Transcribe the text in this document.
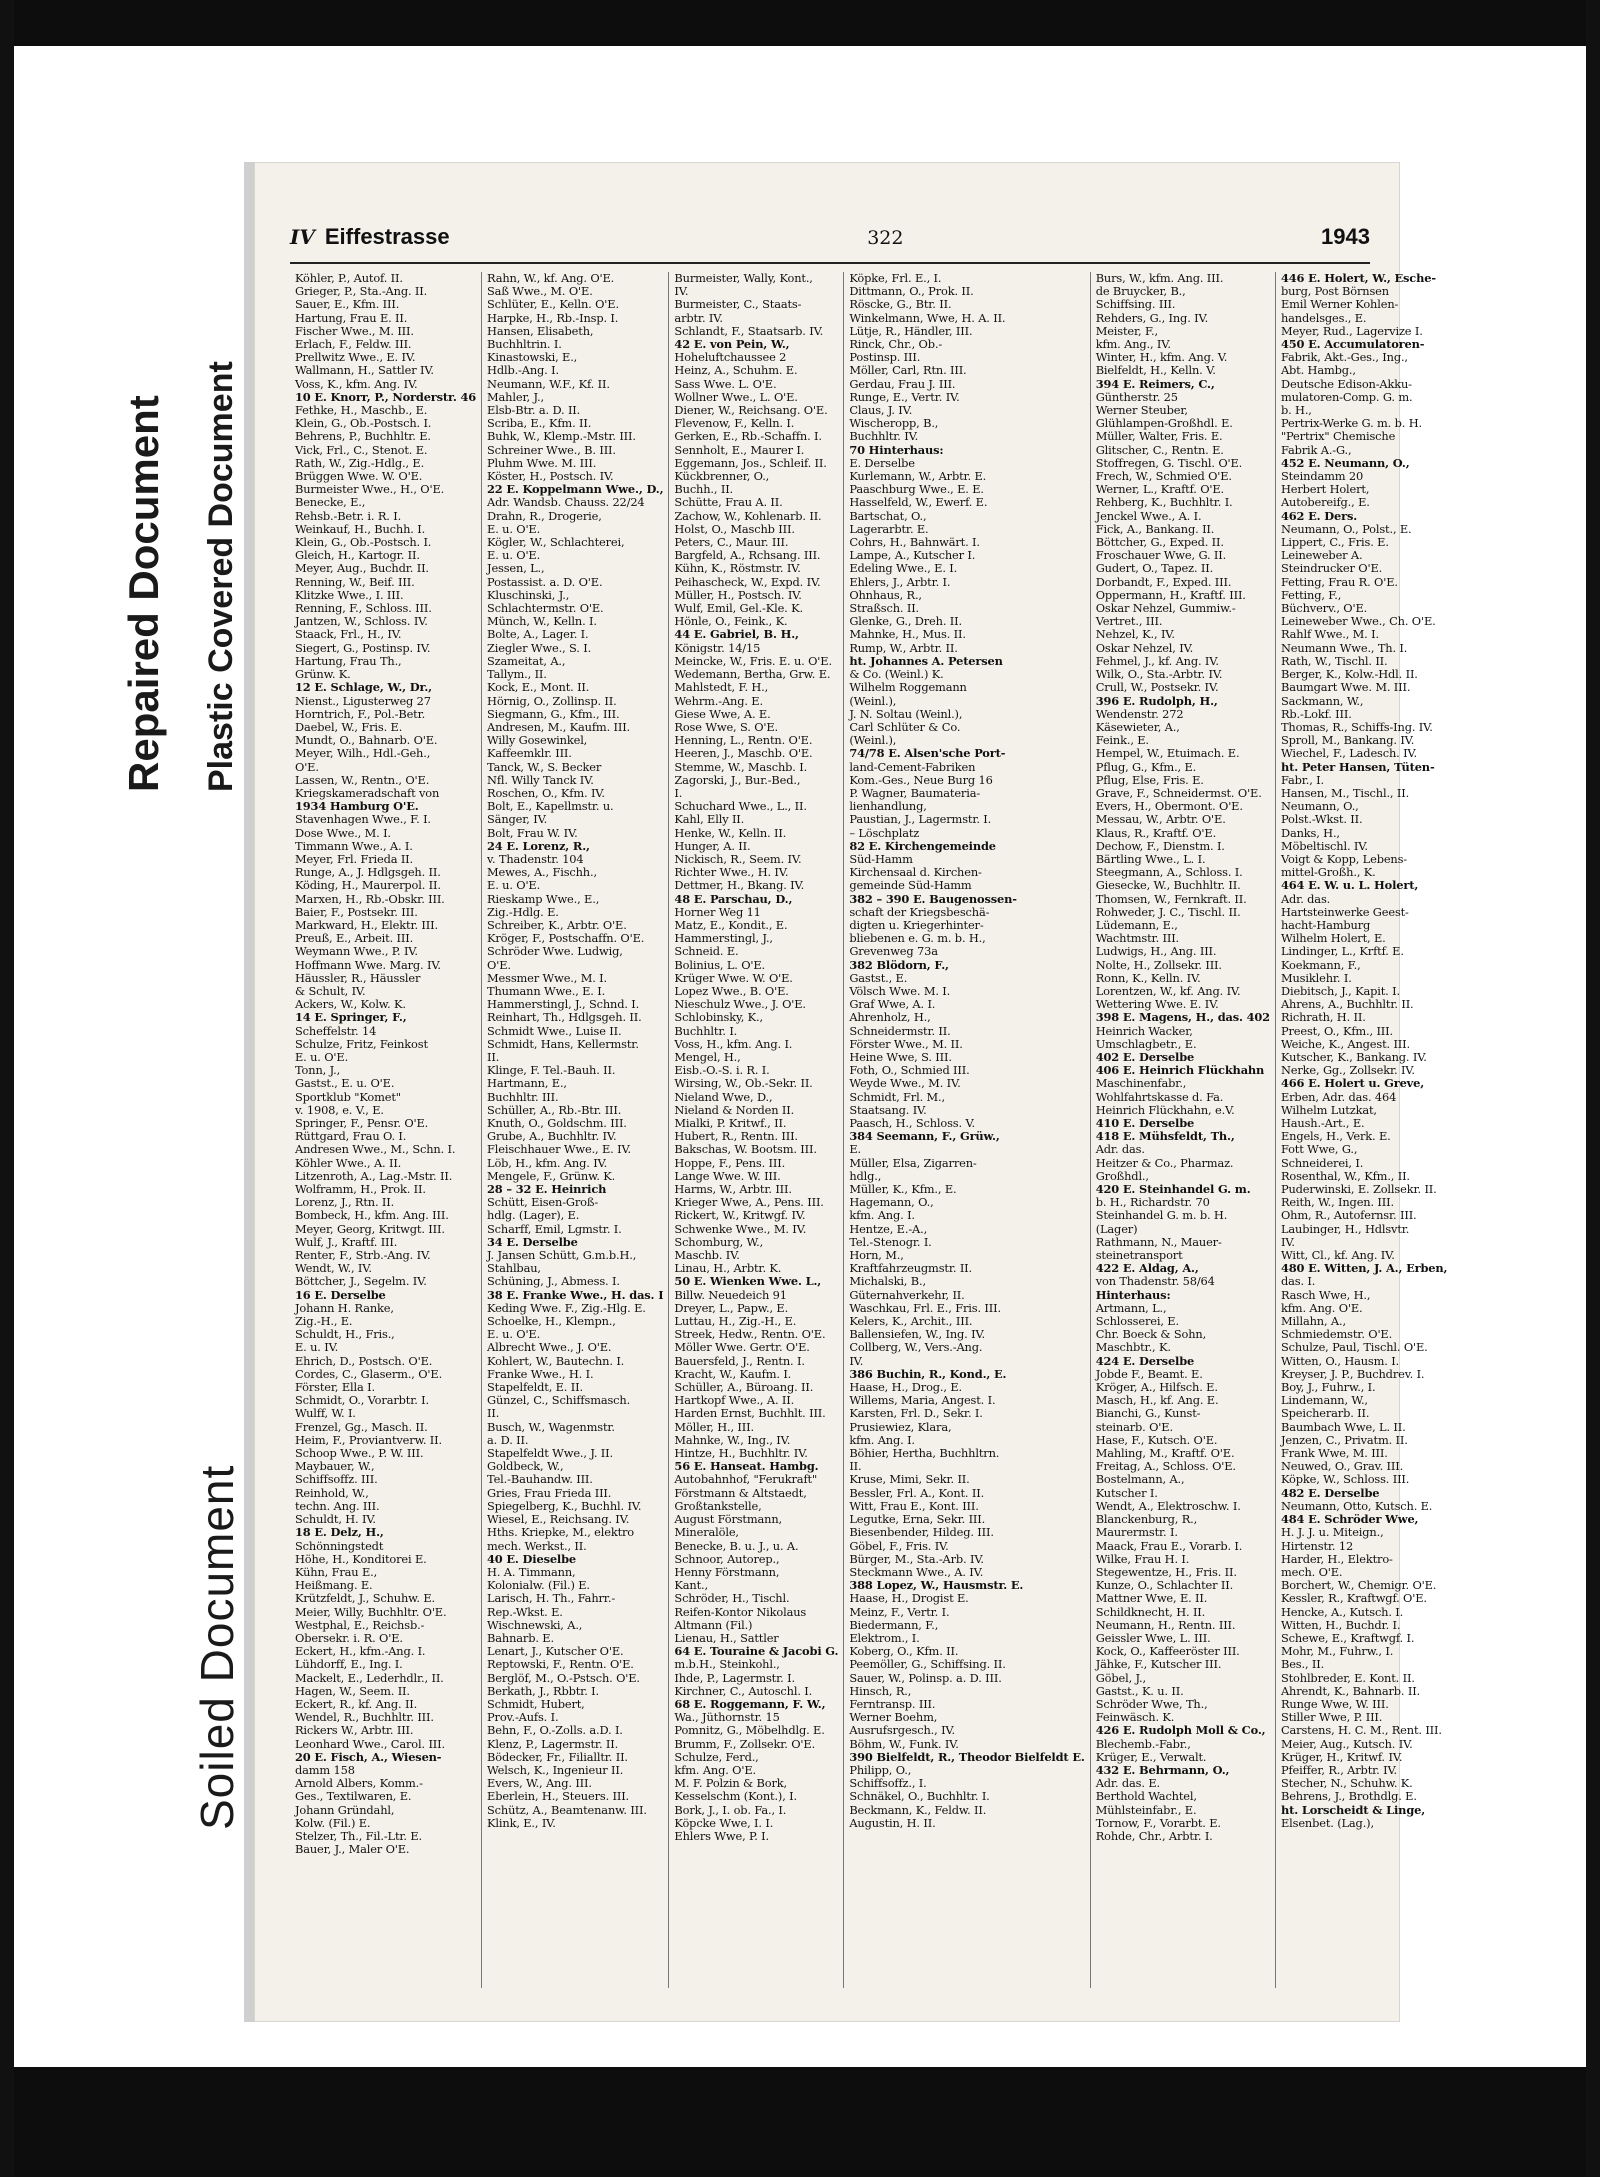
Repaired Document Plastic Covered Document
Soiled Document
IV Eiffestrasse	322	1943
Köhler, P., Autof. II.
Grieger, P., Sta.-Ang. II.
Sauer, E., Kfm. III.
Hartung, Frau E. II.
Fischer Wwe., M. III.
Erlach, F., Feldw. III.
Prellwitz Wwe., E. IV.
Wallmann, H., Sattler IV.
Voss, K., kfm. Ang. IV.
10 E. Knorr, P., Norderstr. 46
Fethke, H., Maschb., E.
Klein, G., Ob.-Postsch. I.
Behrens, P., Buchhltr. E.
Vick, Frl., C., Stenot. E.
Rath, W., Zig.-Hdlg., E.
Brüggen Wwe. W. O'E.
Burmeister Wwe., H., O'E.
Benecke, E.,
Rehsb.-Betr. i. R. I.
Weinkauf, H., Buchh. I.
Klein, G., Ob.-Postsch. I.
Gleich, H., Kartogr. II.
Meyer, Aug., Buchdr. II.
Renning, W., Beif. III.
Klitzke Wwe., I. III.
Renning, F., Schloss. III.
Jantzen, W., Schloss. IV.
Staack, Frl., H., IV.
Siegert, G., Postinsp. IV.
Hartung, Frau Th.,
Grünw. K.
12 E. Schlage, W., Dr.,
Nienst., Ligusterweg 27
Horntrich, F., Pol.-Betr.
Daebel, W., Fris. E.
Mundt, O., Bahnarb. O'E.
Meyer, Wilh., Hdl.-Geh.,
O'E.
Lassen, W., Rentn., O'E.
Kriegskameradschaft von
1934 Hamburg O'E.
Stavenhagen Wwe., F. I.
Dose Wwe., M. I.
Timmann Wwe., A. I.
Meyer, Frl. Frieda II.
Runge, A., J. Hdlgsgeh. II.
Köding, H., Maurerpol. II.
Marxen, H., Rb.-Obskr. III.
Baier, F., Postsekr. III.
Markward, H., Elektr. III.
Preuß, E., Arbeit. III.
Weymann Wwe., P. IV.
Hoffmann Wwe. Marg. IV.
Häussler, R., Häussler
& Schult, IV.
Ackers, W., Kolw. K.
14 E. Springer, F.,
Scheffelstr. 14
Schulze, Fritz, Feinkost
E. u. O'E.
Tonn, J.,
Gastst., E. u. O'E.
Sportklub "Komet"
v. 1908, e. V., E.
Springer, F., Pensr. O'E.
Rüttgard, Frau O. I.
Andresen Wwe., M., Schn. I.
Köhler Wwe., A. II.
Litzenroth, A., Lag.-Mstr. II.
Wolframm, H., Prok. II.
Lorenz, J., Rtn. II.
Bombeck, H., kfm. Ang. III.
Meyer, Georg, Kritwgt. III.
Wulf, J., Kraftf. III.
Renter, F., Strb.-Ang. IV.
Wendt, W., IV.
Böttcher, J., Segelm. IV.
16 E. Derselbe
Johann H. Ranke,
Zig.-H., E.
Schuldt, H., Fris.,
E. u. IV.
Ehrich, D., Postsch. O'E.
Cordes, C., Glaserm., O'E.
Förster, Ella I.
Schmidt, O., Vorarbtr. I.
Wulff, W. I.
Frenzel, Gg., Masch. II.
Heim, F., Proviantverw. II.
Schoop Wwe., P. W. III.
Maybauer, W.,
Schiffsoffz. III.
Reinhold, W.,
techn. Ang. III.
Schuldt, H. IV.
18 E. Delz, H.,
Schönningstedt
Höhe, H., Konditorei E.
Kühn, Frau E.,
Heißmang. E.
Krützfeldt, J., Schuhw. E.
Meier, Willy, Buchhltr. O'E.
Westphal, E., Reichsb.-
Obersekr. i. R. O'E.
Eckert, H., kfm.-Ang. I.
Lühdorff, E., Ing. I.
Mackelt, E., Lederhdlr., II.
Hagen, W., Seem. II.
Eckert, R., kf. Ang. II.
Wendel, R., Buchhltr. III.
Rickers W., Arbtr. III.
Leonhard Wwe., Carol. III.
20 E. Fisch, A., Wiesen-
damm 158
Arnold Albers, Komm.-
Ges., Textilwaren, E.
Johann Gründahl,
Kolw. (Fil.) E.
Stelzer, Th., Fil.-Ltr. E.
Bauer, J., Maler O'E.
Rahn, W., kf. Ang. O'E.
Saß Wwe., M. O'E.
Schlüter, E., Kelln. O'E.
Harpke, H., Rb.-Insp. I.
Hansen, Elisabeth,
Buchhltrin. I.
Kinastowski, E.,
Hdlb.-Ang. I.
Neumann, W.F., Kf. II.
Mahler, J.,
Elsb-Btr. a. D. II.
Scriba, E., Kfm. II.
Buhk, W., Klemp.-Mstr. III.
Schreiner Wwe., B. III.
Pluhm Wwe. M. III.
Köster, H., Postsch. IV.
22 E. Koppelmann Wwe., D.,
Adr. Wandsb. Chauss. 22/24
Drahn, R., Drogerie,
E. u. O'E.
Kögler, W., Schlachterei,
E. u. O'E.
Jessen, L.,
Postassist. a. D. O'E.
Kluschinski, J.,
Schlachtermstr. O'E.
Münch, W., Kelln. I.
Bolte, A., Lager. I.
Ziegler Wwe., S. I.
Szameitat, A.,
Tallym., II.
Kock, E., Mont. II.
Hörnig, O., Zollinsp. II.
Siegmann, G., Kfm., III.
Andresen, M., Kaufm. III.
Willy Gosewinkel,
Kaffeemklr. III.
Tanck, W., S. Becker
Nfl. Willy Tanck IV.
Roschen, O., Kfm. IV.
Bolt, E., Kapellmstr. u.
Sänger, IV.
Bolt, Frau W. IV.
24 E. Lorenz, R.,
v. Thadenstr. 104
Mewes, A., Fischh.,
E. u. O'E.
Rieskamp Wwe., E.,
Zig.-Hdlg. E.
Schreiber, K., Arbtr. O'E.
Kröger, F., Postschaffn. O'E.
Schröder Wwe. Ludwig,
O'E.
Messmer Wwe., M. I.
Thumann Wwe., E. I.
Hammerstingl, J., Schnd. I.
Reinhart, Th., Hdlgsgeh. II.
Schmidt Wwe., Luise II.
Schmidt, Hans, Kellermstr.
II.
Klinge, F. Tel.-Bauh. II.
Hartmann, E.,
Buchhltr. III.
Schüller, A., Rb.-Btr. III.
Knuth, O., Goldschm. III.
Grube, A., Buchhltr. IV.
Fleischhauer Wwe., E. IV.
Löb, H., kfm. Ang. IV.
Mengele, F., Grünw. K.
28 – 32 E. Heinrich
Schütt, Eisen-Groß-
hdlg. (Lager), E.
Scharff, Emil, Lgmstr. I.
34 E. Derselbe
J. Jansen Schütt, G.m.b.H.,
Stahlbau,
Schüning, J., Abmess. I.
38 E. Franke Wwe., H. das. I
Keding Wwe. F., Zig.-Hlg. E.
Schoelke, H., Klempn.,
E. u. O'E.
Albrecht Wwe., J. O'E.
Kohlert, W., Bautechn. I.
Franke Wwe., H. I.
Stapelfeldt, E. II.
Günzel, C., Schiffsmasch.
II.
Busch, W., Wagenmstr.
a. D. II.
Stapelfeldt Wwe., J. II.
Goldbeck, W.,
Tel.-Bauhandw. III.
Gries, Frau Frieda III.
Spiegelberg, K., Buchhl. IV.
Wiesel, E., Reichsang. IV.
Hths. Kriepke, M., elektro
mech. Werkst., II.
40 E. Dieselbe
H. A. Timmann,
Kolonialw. (Fil.) E.
Larisch, H. Th., Fahrr.-
Rep.-Wkst. E.
Wischnewski, A.,
Bahnarb. E.
Lenart, J., Kutscher O'E.
Reptowski, F., Rentn. O'E.
Berglöf, M., O.-Pstsch. O'E.
Berkath, J., Rbbtr. I.
Schmidt, Hubert,
Prov.-Aufs. I.
Behn, F., O.-Zolls. a.D. I.
Klenz, P., Lagermstr. II.
Bödecker, Fr., Filialltr. II.
Welsch, K., Ingenieur II.
Evers, W., Ang. III.
Eberlein, H., Steuers. III.
Schütz, A., Beamtenanw. III.
Klink, E., IV.
Burmeister, Wally, Kont.,
IV.
Burmeister, C., Staats-
arbtr. IV.
Schlandt, F., Staatsarb. IV.
42 E. von Pein, W.,
Hoheluftchaussee 2
Heinz, A., Schuhm. E.
Sass Wwe. L. O'E.
Wollner Wwe., L. O'E.
Diener, W., Reichsang. O'E.
Flevenow, F., Kelln. I.
Gerken, E., Rb.-Schaffn. I.
Sennholt, E., Maurer I.
Eggemann, Jos., Schleif. II.
Kückbrenner, O.,
Buchh., II.
Schütte, Frau A. II.
Zachow, W., Kohlenarb. II.
Holst, O., Maschb III.
Peters, C., Maur. III.
Bargfeld, A., Rchsang. III.
Kühn, K., Röstmstr. IV.
Peihascheck, W., Expd. IV.
Müller, H., Postsch. IV.
Wulf, Emil, Gel.-Kle. K.
Hönle, O., Feink., K.
44 E. Gabriel, B. H.,
Königstr. 14/15
Meincke, W., Fris. E. u. O'E.
Wedemann, Bertha, Grw. E.
Mahlstedt, F. H.,
Wehrm.-Ang. E.
Giese Wwe, A. E.
Rose Wwe, S. O'E.
Henning, L., Rentn. O'E.
Heeren, J., Maschb. O'E.
Stemme, W., Maschb. I.
Zagorski, J., Bur.-Bed.,
I.
Schuchard Wwe., L., II.
Kahl, Elly II.
Henke, W., Kelln. II.
Hunger, A. II.
Nickisch, R., Seem. IV.
Richter Wwe., H. IV.
Dettmer, H., Bkang. IV.
48 E. Parschau, D.,
Horner Weg 11
Matz, E., Kondit., E.
Hammerstingl, J.,
Schneid. E.
Bolinius, L. O'E.
Krüger Wwe. W. O'E.
Lopez Wwe., B. O'E.
Nieschulz Wwe., J. O'E.
Schlobinsky, K.,
Buchhltr. I.
Voss, H., kfm. Ang. I.
Mengel, H.,
Eisb.-O.-S. i. R. I.
Wirsing, W., Ob.-Sekr. II.
Nieland Wwe, D.,
Nieland & Norden II.
Mialki, P. Kritwf., II.
Hubert, R., Rentn. III.
Bakschas, W. Bootsm. III.
Hoppe, F., Pens. III.
Lange Wwe. W. III.
Harms, W., Arbtr. III.
Krieger Wwe, A., Pens. III.
Rickert, W., Kritwgf. IV.
Schwenke Wwe., M. IV.
Schomburg, W.,
Maschb. IV.
Linau, H., Arbtr. K.
50 E. Wienken Wwe. L.,
Billw. Neuedeich 91
Dreyer, L., Papw., E.
Luttau, H., Zig.-H., E.
Streek, Hedw., Rentn. O'E.
Möller Wwe. Gertr. O'E.
Bauersfeld, J., Rentn. I.
Kracht, W., Kaufm. I.
Schüller, A., Büroang. II.
Hartkopf Wwe., A. II.
Harden Ernst, Buchhlt. III.
Möller, H., III.
Mahnke, W., Ing., IV.
Hintze, H., Buchhltr. IV.
56 E. Hanseat. Hambg.
Autobahnhof, "Ferukraft"
Förstmann & Altstaedt,
Großtankstelle,
August Förstmann,
Mineralöle,
Benecke, B. u. J., u. A.
Schnoor, Autorep.,
Henny Förstmann,
Kant.,
Schröder, H., Tischl.
Reifen-Kontor Nikolaus
Altmann (Fil.)
Lienau, H., Sattler
64 E. Touraine & Jacobi G.
m.b.H., Steinkohl.,
Ihde, P., Lagermstr. I.
Kirchner, C., Autoschl. I.
68 E. Roggemann, F. W.,
Wa., Jüthornstr. 15
Pomnitz, G., Möbelhdlg. E.
Brumm, F., Zollsekr. O'E.
Schulze, Ferd.,
kfm. Ang. O'E.
M. F. Polzin & Bork,
Kesselschm (Kont.), I.
Bork, J., I. ob. Fa., I.
Köpcke Wwe, I. I.
Ehlers Wwe, P. I.
Köpke, Frl. E., I.
Dittmann, O., Prok. II.
Röscke, G., Btr. II.
Winkelmann, Wwe, H. A. II.
Lütje, R., Händler, III.
Rinck, Chr., Ob.-
Postinsp. III.
Möller, Carl, Rtn. III.
Gerdau, Frau J. III.
Runge, E., Vertr. IV.
Claus, J. IV.
Wischeropp, B.,
Buchhltr. IV.
70 Hinterhaus:
E. Derselbe
Kurlemann, W., Arbtr. E.
Paaschburg Wwe., E. E.
Hasselfeld, W., Ewerf. E.
Bartschat, O.,
Lagerarbtr. E.
Cohrs, H., Bahnwärt. I.
Lampe, A., Kutscher I.
Edeling Wwe., E. I.
Ehlers, J., Arbtr. I.
Ohnhaus, R.,
Straßsch. II.
Glenke, G., Dreh. II.
Mahnke, H., Mus. II.
Rump, W., Arbtr. II.
ht. Johannes A. Petersen
& Co. (Weinl.) K.
Wilhelm Roggemann
(Weinl.),
J. N. Soltau (Weinl.),
Carl Schlüter & Co.
(Weinl.),
74/78 E. Alsen'sche Port-
land-Cement-Fabriken
Kom.-Ges., Neue Burg 16
P. Wagner, Baumateria-
lienhandlung,
Paustian, J., Lagermstr. I.
– Löschplatz
82 E. Kirchengemeinde
Süd-Hamm
Kirchensaal d. Kirchen-
gemeinde Süd-Hamm
382 – 390 E. Baugenossen-
schaft der Kriegsbeschä-
digten u. Kriegerhinter-
bliebenen e. G. m. b. H.,
Grevenweg 73a
382 Blödorn, F.,
Gastst., E.
Völsch Wwe. M. I.
Graf Wwe, A. I.
Ahrenholz, H.,
Schneidermstr. II.
Förster Wwe., M. II.
Heine Wwe, S. III.
Foth, O., Schmied III.
Weyde Wwe., M. IV.
Schmidt, Frl. M.,
Staatsang. IV.
Paasch, H., Schloss. V.
384 Seemann, F., Grüw.,
E.
Müller, Elsa, Zigarren-
hdlg.,
Müller, K., Kfm., E.
Hagemann, O.,
kfm. Ang. I.
Hentze, E.-A.,
Tel.-Stenogr. I.
Horn, M.,
Kraftfahrzeugmstr. II.
Michalski, B.,
Güternahverkehr, II.
Waschkau, Frl. E., Fris. III.
Kelers, K., Archit., III.
Ballensiefen, W., Ing. IV.
Collberg, W., Vers.-Ang.
IV.
386 Buchin, R., Kond., E.
Haase, H., Drog., E.
Willems, Maria, Angest. I.
Karsten, Frl. D., Sekr. I.
Prusiewiez, Klara,
kfm. Ang. I.
Böhier, Hertha, Buchhltrn.
II.
Kruse, Mimi, Sekr. II.
Bessler, Frl. A., Kont. II.
Witt, Frau E., Kont. III.
Legutke, Erna, Sekr. III.
Biesenbender, Hildeg. III.
Göbel, F., Fris. IV.
Bürger, M., Sta.-Arb. IV.
Steckmann Wwe., A. IV.
388 Lopez, W., Hausmstr. E.
Haase, H., Drogist E.
Meinz, F., Vertr. I.
Biedermann, F.,
Elektrom., I.
Koberg, O., Kfm. II.
Peemöller, G., Schiffsing. II.
Sauer, W., Polinsp. a. D. III.
Hinsch, R.,
Ferntransp. III.
Werner Boehm,
Ausrufsrgesch., IV.
Böhm, W., Funk. IV.
390 Bielfeldt, R., Theodor Bielfeldt E.
Philipp, O.,
Schiffsoffz., I.
Schnäkel, O., Buchhltr. I.
Beckmann, K., Feldw. II.
Augustin, H. II.
Burs, W., kfm. Ang. III.
de Bruycker, B.,
Schiffsing. III.
Rehders, G., Ing. IV.
Meister, F.,
kfm. Ang., IV.
Winter, H., kfm. Ang. V.
Bielfeldt, H., Kelln. V.
394 E. Reimers, C.,
Güntherstr. 25
Werner Steuber,
Glühlampen-Großhdl. E.
Müller, Walter, Fris. E.
Glitscher, C., Rentn. E.
Stoffregen, G. Tischl. O'E.
Frech, W., Schmied O'E.
Werner, L., Kraftf. O'E.
Rehberg, K., Buchhltr. I.
Jenckel Wwe., A. I.
Fick, A., Bankang. II.
Böttcher, G., Exped. II.
Froschauer Wwe, G. II.
Gudert, O., Tapez. II.
Dorbandt, F., Exped. III.
Oppermann, H., Kraftf. III.
Oskar Nehzel, Gummiw.-
Vertret., III.
Nehzel, K., IV.
Oskar Nehzel, IV.
Fehmel, J., kf. Ang. IV.
Wilk, O., Sta.-Arbtr. IV.
Crull, W., Postsekr. IV.
396 E. Rudolph, H.,
Wendenstr. 272
Käsewieter, A.,
Feink., E.
Hempel, W., Etuimach. E.
Pflug, G., Kfm., E.
Pflug, Else, Fris. E.
Grave, F., Schneidermst. O'E.
Evers, H., Obermont. O'E.
Messau, W., Arbtr. O'E.
Klaus, R., Kraftf. O'E.
Dechow, F., Dienstm. I.
Bärtling Wwe., L. I.
Steegmann, A., Schloss. I.
Giesecke, W., Buchhltr. II.
Thomsen, W., Fernkraft. II.
Rohweder, J. C., Tischl. II.
Lüdemann, E.,
Wachtmstr. III.
Ludwigs, H., Ang. III.
Nolte, H., Zollsekr. III.
Ronn, K., Kelln. IV.
Lorentzen, W., kf. Ang. IV.
Wettering Wwe. E. IV.
398 E. Magens, H., das. 402
Heinrich Wacker,
Umschlagbetr., E.
402 E. Derselbe
406 E. Heinrich Flückhahn
Maschinenfabr.,
Wohlfahrtskasse d. Fa.
Heinrich Flückhahn, e.V.
410 E. Derselbe
418 E. Mühsfeldt, Th.,
Adr. das.
Heitzer & Co., Pharmaz.
Großhdl.,
420 E. Steinhandel G. m.
b. H., Richardstr. 70
Steinhandel G. m. b. H.
(Lager)
Rathmann, N., Mauer-
steinetransport
422 E. Aldag, A.,
von Thadenstr. 58/64
Hinterhaus:
Artmann, L.,
Schlosserei, E.
Chr. Boeck & Sohn,
Maschbtr., K.
424 E. Derselbe
Jobde F., Beamt. E.
Kröger, A., Hilfsch. E.
Masch, H., kf. Ang. E.
Bianchi, G., Kunst-
steinarb. O'E.
Hase, F., Kutsch. O'E.
Mahling, M., Kraftf. O'E.
Freitag, A., Schloss. O'E.
Bostelmann, A.,
Kutscher I.
Wendt, A., Elektroschw. I.
Blanckenburg, R.,
Maurermstr. I.
Maack, Frau E., Vorarb. I.
Wilke, Frau H. I.
Stegewentze, H., Fris. II.
Kunze, O., Schlachter II.
Mattner Wwe, E. II.
Schildknecht, H. II.
Neumann, H., Rentn. III.
Geissler Wwe, L. III.
Kock, O., Kaffeeröster III.
Jähke, F., Kutscher III.
Göbel, J.,
Gastst., K. u. II.
Schröder Wwe, Th.,
Feinwäsch. K.
426 E. Rudolph Moll & Co.,
Blechemb.-Fabr.,
Krüger, E., Verwalt.
432 E. Behrmann, O.,
Adr. das. E.
Berthold Wachtel,
Mühlsteinfabr., E.
Tornow, F., Vorarbt. E.
Rohde, Chr., Arbtr. I.
446 E. Holert, W., Esche-
burg, Post Börnsen
Emil Werner Kohlen-
handelsges., E.
Meyer, Rud., Lagervize I.
450 E. Accumulatoren-
Fabrik, Akt.-Ges., Ing.,
Abt. Hambg.,
Deutsche Edison-Akku-
mulatoren-Comp. G. m.
b. H.,
Pertrix-Werke G. m. b. H.
"Pertrix" Chemische
Fabrik A.-G.,
452 E. Neumann, O.,
Steindamm 20
Herbert Holert,
Autobereifg., E.
462 E. Ders.
Neumann, O., Polst., E.
Lippert, C., Fris. E.
Leineweber A.
Steindrucker O'E.
Fetting, Frau R. O'E.
Fetting, F.,
Büchverv., O'E.
Leineweber Wwe., Ch. O'E.
Rahlf Wwe., M. I.
Neumann Wwe., Th. I.
Rath, W., Tischl. II.
Berger, K., Kolw.-Hdl. II.
Baumgart Wwe. M. III.
Sackmann, W.,
Rb.-Lokf. III.
Thomas, R., Schiffs-Ing. IV.
Sproll, M., Bankang. IV.
Wiechel, F., Ladesch. IV.
ht. Peter Hansen, Tüten-
Fabr., I.
Hansen, M., Tischl., II.
Neumann, O.,
Polst.-Wkst. II.
Danks, H.,
Möbeltischl. IV.
Voigt & Kopp, Lebens-
mittel-Großh., K.
464 E. W. u. L. Holert,
Adr. das.
Hartsteinwerke Geest-
hacht-Hamburg
Wilhelm Holert, E.
Lindinger, L., Krftf. E.
Koekmann, F.,
Musiklehr. I.
Diebitsch, J., Kapit. I.
Ahrens, A., Buchhltr. II.
Richrath, H. II.
Preest, O., Kfm., III.
Weiche, K., Angest. III.
Kutscher, K., Bankang. IV.
Nerke, Gg., Zollsekr. IV.
466 E. Holert u. Greve,
Erben, Adr. das. 464
Wilhelm Lutzkat,
Haush.-Art., E.
Engels, H., Verk. E.
Fott Wwe, G.,
Schneiderei, I.
Rosenthal, W., Kfm., II.
Puderwinski, E. Zollsekr. II.
Reith, W., Ingen. III.
Ohm, R., Autofernsr. III.
Laubinger, H., Hdlsvtr.
IV.
Witt, Cl., kf. Ang. IV.
480 E. Witten, J. A., Erben,
das. I.
Rasch Wwe, H.,
kfm. Ang. O'E.
Millahn, A.,
Schmiedemstr. O'E.
Schulze, Paul, Tischl. O'E.
Witten, O., Hausm. I.
Kreyser, J. P., Buchdrev. I.
Boy, J., Fuhrw., I.
Lindemann, W.,
Speicherarb. II.
Baumbach Wwe, L. II.
Jenzen, C., Privatm. II.
Frank Wwe, M. III.
Neuwed, O., Grav. III.
Köpke, W., Schloss. III.
482 E. Derselbe
Neumann, Otto, Kutsch. E.
484 E. Schröder Wwe,
H. J. J. u. Miteign.,
Hirtenstr. 12
Harder, H., Elektro-
mech. O'E.
Borchert, W., Chemigr. O'E.
Kessler, R., Kraftwgf. O'E.
Hencke, A., Kutsch. I.
Witten, H., Buchdr. I.
Schewe, E., Kraftwgf. I.
Mohr, M., Fuhrw., I.
Bes., II.
Stohlbreder, E. Kont. II.
Ahrendt, K., Bahnarb. II.
Runge Wwe, W. III.
Stiller Wwe, P. III.
Carstens, H. C. M., Rent. III.
Meier, Aug., Kutsch. IV.
Krüger, H., Kritwf. IV.
Pfeiffer, R., Arbtr. IV.
Stecher, N., Schuhw. K.
Behrens, J., Brothdlg. E.
ht. Lorscheidt & Linge,
Elsenbet. (Lag.),
